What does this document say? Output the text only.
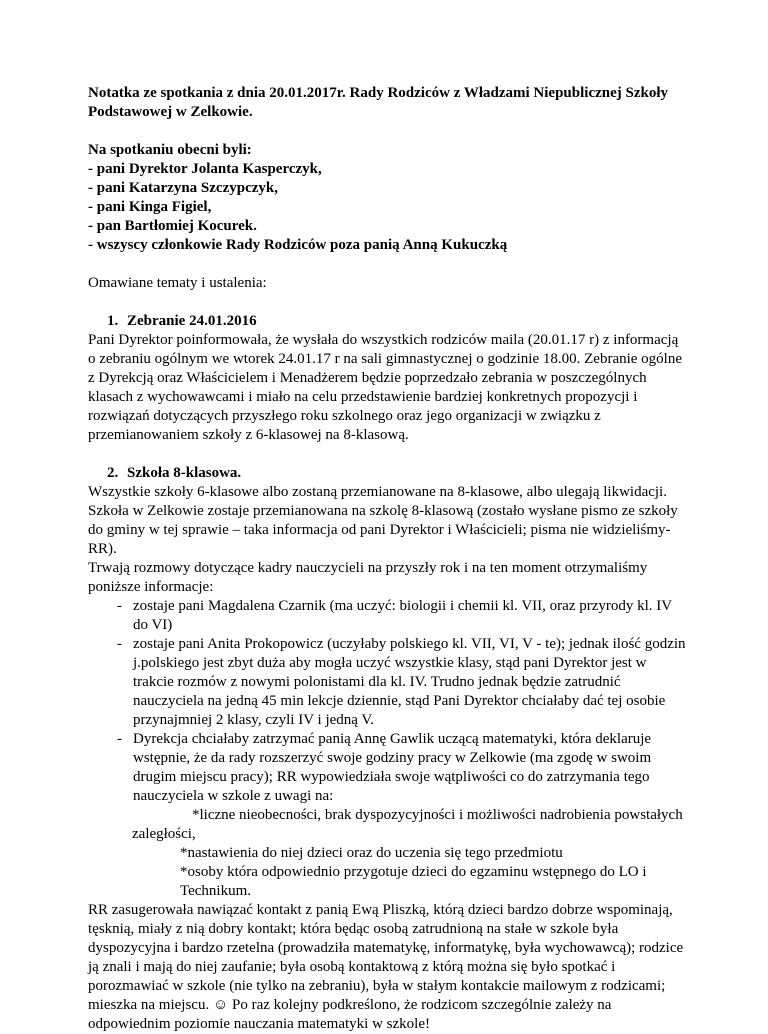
Notatka ze spotkania z dnia 20.01.2017r. Rady Rodziców z Władzami Niepublicznej Szkoły Podstawowej w Zelkowie.

Na spotkaniu obecni byli:

- pani Dyrektor Jolanta Kasperczyk,

- pani Katarzyna Szczypczyk,

- pani Kinga Figiel,

- pan Bartłomiej Kocurek.

- wszyscy członkowie Rady Rodziców poza panią Anną Kukuczką

Omawiane tematy i ustalenia:

1. Zebranie 24.01.2016

Pani Dyrektor poinformowała, że wysłała do wszystkich rodziców maila (20.01.17 r) z informacją o zebraniu ogólnym we wtorek 24.01.17 r na sali gimnastycznej o godzinie 18.00. Zebranie ogólne z Dyrekcją oraz Właścicielem i Menadżerem będzie poprzedzało zebrania w poszczególnych klasach z wychowawcami i miało na celu przedstawienie bardziej konkretnych propozycji i rozwiązań dotyczących przyszłego roku szkolnego oraz jego organizacji w związku z przemianowaniem szkoły z 6-klasowej na 8-klasową.

2. Szkoła 8-klasowa.

Wszystkie szkoły 6-klasowe albo zostaną przemianowane na 8-klasowe, albo ulegają likwidacji. Szkoła w Zelkowie zostaje przemianowana na szkolę 8-klasową (zostało wysłane pismo ze szkoły do gminy w tej sprawie – taka informacja od pani Dyrektor i Właścicieli; pisma nie widzieliśmy- RR).

Trwają rozmowy dotyczące kadry nauczycieli na przyszły rok i na ten moment otrzymaliśmy poniższe informacje:

- zostaje pani Magdalena Czarnik (ma uczyć: biologii i chemii kl. VII, oraz przyrody kl. IV do VI)

- zostaje pani Anita Prokopowicz (uczyłaby polskiego kl. VII, VI, V - te); jednak ilość godzin j.polskiego jest zbyt duża aby mogła uczyć wszystkie klasy, stąd pani Dyrektor jest w trakcie rozmów z nowymi polonistami dla kl. IV. Trudno jednak będzie zatrudnić nauczyciela na jedną 45 min lekcje dziennie, stąd Pani Dyrektor chciałaby dać tej osobie przynajmniej 2 klasy, czyli IV i jedną V.

- Dyrekcja chciałaby zatrzymać panią Annę Gawlik uczącą matematyki, która deklaruje wstępnie, że da rady rozszerzyć swoje godziny pracy w Zelkowie (ma zgodę w swoim drugim miejscu pracy); RR wypowiedziała swoje wątpliwości co do zatrzymania tego nauczyciela w szkole z uwagi na:

*liczne nieobecności, brak dyspozycyjności i możliwości nadrobienia powstałych zaległości,

*nastawienia do niej dzieci oraz do uczenia się tego przedmiotu

*osoby która odpowiednio przygotuje dzieci do egzaminu wstępnego do LO i

Technikum.

RR zasugerowała nawiązać kontakt z panią Ewą Pliszką, którą dzieci bardzo dobrze wspominają, tęsknią, miały z nią dobry kontakt; która będąc osobą zatrudnioną na stałe w szkole była dyspozycyjna i bardzo rzetelna (prowadziła matematykę, informatykę, była wychowawcą); rodzice ją znali i mają do niej zaufanie; była osobą kontaktową z którą można się było spotkać i porozmawiać w szkole (nie tylko na zebraniu), była w stałym kontakcie mailowym z rodzicami; mieszka na miejscu. ☺ Po raz kolejny podkreślono, że rodzicom szczególnie zależy na odpowiednim poziomie nauczania matematyki w szkole!
